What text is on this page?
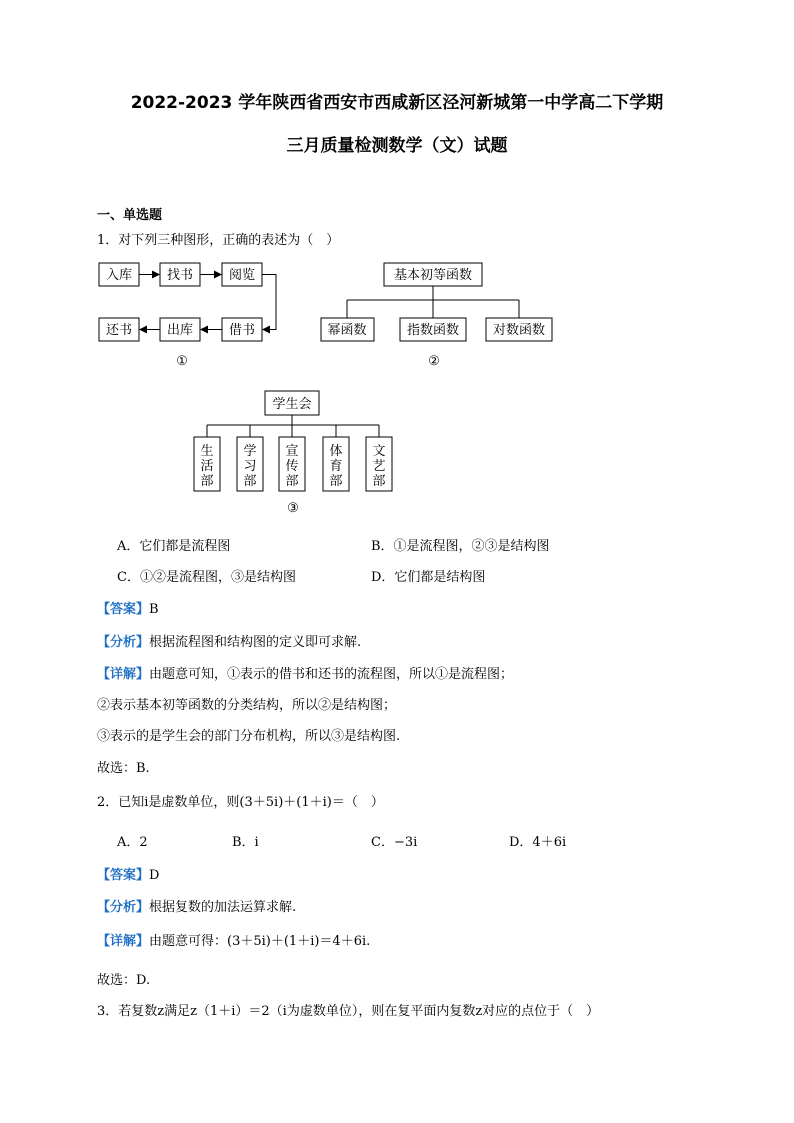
2022-2023 学年陕西省西安市西咸新区泾河新城第一中学高二下学期
三月质量检测数学（文）试题
一、单选题
1．对下列三种图形，正确的表述为（　）
入库	找书	阅览
还书	出库	借书
①
基本初等函数
幂函数	指数函数	对数函数
②
学生会
生
活
部
学
习
部
宣
传
部
体
育
部
文
艺
部
③
A．它们都是流程图	B．①是流程图，②③是结构图
C．①②是流程图，③是结构图	D．它们都是结构图
【答案】B
【分析】根据流程图和结构图的定义即可求解.
【详解】由题意可知，①表示的借书和还书的流程图，所以①是流程图；
②表示基本初等函数的分类结构，所以②是结构图；
③表示的是学生会的部门分布机构，所以③是结构图.
故选：B.
2．已知i是虚数单位，则(3＋5i)＋(1＋i)＝（　）
A．2	B．i	C．−3i	D．4＋6i
【答案】D
【分析】根据复数的加法运算求解.
【详解】由题意可得：(3＋5i)＋(1＋i)＝4＋6i.
故选：D.
3．若复数z满足z（1＋i）＝2（i为虚数单位），则在复平面内复数z对应的点位于（　）
